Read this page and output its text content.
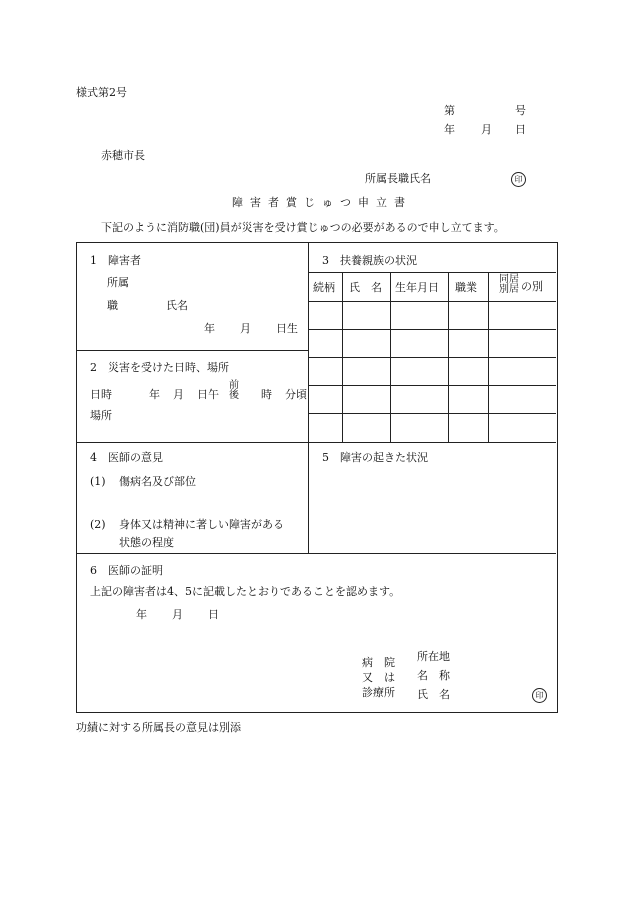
様式第2号
第	号
年 月 日
赤穂市長
所属長職氏名	印
障害者賞じゅつ申立書
下記のように消防職(団)員が災害を受け賞じゅつの必要があるので申し立てます。
1　障害者
所属
職	氏名
年 月 日生
2　災害を受けた日時、場所
日時	年 月 日 午
前
後 時 分頃
場所
3　扶養親族の状況
続柄 氏　名 生年月日 職業
同居
別居 の別
4　医師の意見
(1) 傷病名及び部位
(2) 身体又は精神に著しい障害がある
状態の程度
5　障害の起きた状況
6　医師の証明
上記の障害者は4、5に記載したとおりであることを認めます。
年 月 日
病　院
又　は
診療所
所在地
名　称
氏　名	印
功績に対する所属長の意見は別添
